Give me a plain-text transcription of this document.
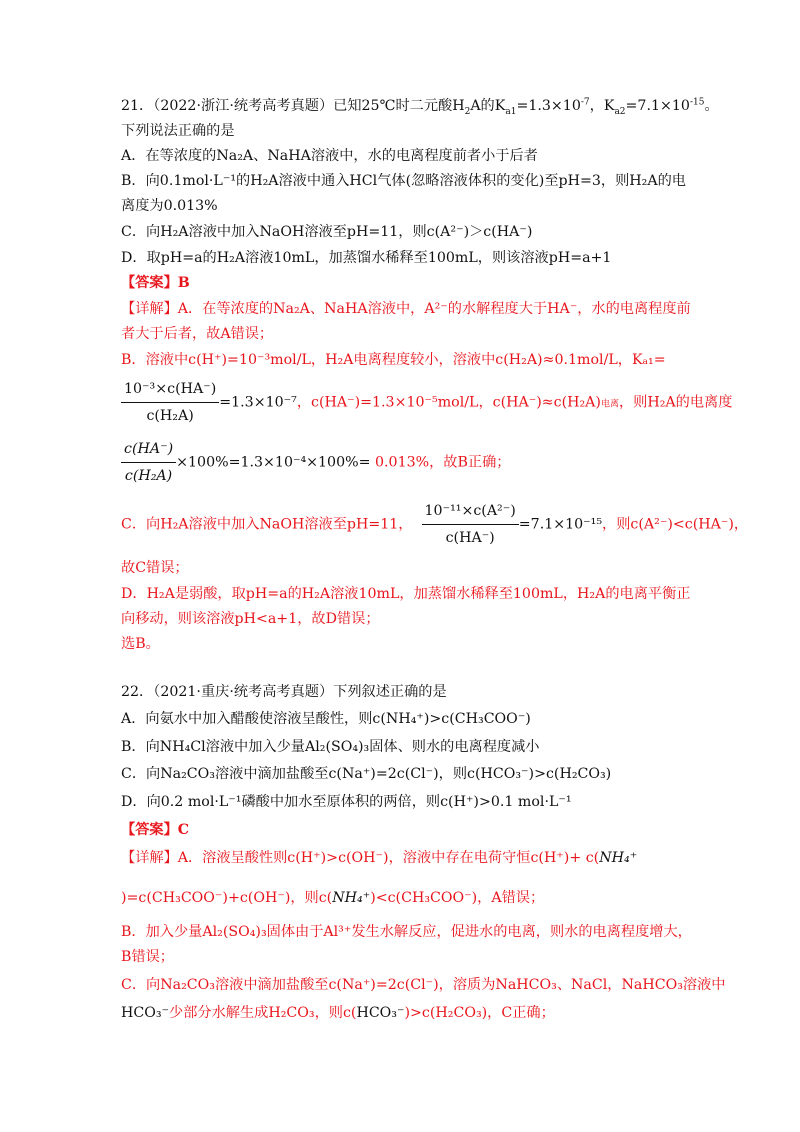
21．（2022·浙江·统考高考真题）已知25℃时二元酸$H_2A$的$K_{a1}=1.3\times 10^{-7}$，$K_{a2}=7.1\times 10^{-15}$。
下列说法正确的是
A．在等浓度的Na₂A、NaHA溶液中，水的电离程度前者小于后者
B．向0.1mol·L⁻¹的H₂A溶液中通入HCl气体(忽略溶液体积的变化)至pH=3，则H₂A的电
离度为0.013%
C．向H₂A溶液中加入NaOH溶液至pH=11，则c(A²⁻)＞c(HA⁻)
D．取pH=a的H₂A溶液10mL，加蒸馏水稀释至100mL，则该溶液pH=a+1
【答案】B
【详解】A．在等浓度的Na₂A、NaHA溶液中，A²⁻的水解程度大于HA⁻，水的电离程度前
者大于后者，故A错误；
B．溶液中c(H⁺)=10⁻³mol/L，H₂A电离程度较小，溶液中c(H₂A)≈0.1mol/L，Kₐ₁=
$\frac{\text{10⁻³×c(HA⁻)}}{\text{c(H₂A)}} =1.3\times 10^{-7}$，c(HA⁻)=1.3×10⁻⁵mol/L，c(HA⁻)≈c(H₂A)电离，则H₂A的电离度
$\frac{c(HA^-)}{\text{c(H₂A)}} \times 100\%=1.3\times 10^{-4}\times 100\%= 0.013\%$，故B正确；
C．向H₂A溶液中加入NaOH溶液至pH=11， $\frac{\text{10⁻¹¹×c(A²⁻)}}{c(HA^-)} =7.1\times 10^{-15}$，则c(A²⁻)<c(HA⁻)，
故C错误；
D．H₂A是弱酸，取pH=a的H₂A溶液10mL，加蒸馏水稀释至100mL，H₂A的电离平衡正
向移动，则该溶液pH<a+1，故D错误；
选B。
22．（2021·重庆·统考高考真题）下列叙述正确的是
A．向氨水中加入醋酸使溶液呈酸性，则c(NH₄⁺)>c(CH₃COO⁻)
B．向NH₄Cl溶液中加入少量Al₂(SO₄)₃固体、则水的电离程度减小
C．向Na₂CO₃溶液中滴加盐酸至c(Na⁺)=2c(Cl⁻)，则c(HCO₃⁻)>c(H₂CO₃)
D．向0.2 mol·L⁻¹磷酸中加水至原体积的两倍，则c(H⁺)>0.1 mol·L⁻¹
【答案】C
【详解】A．溶液呈酸性则c(H⁺)>c(OH⁻)，溶液中存在电荷守恒c(H⁺)+ c(NH₄⁺
)=c(CH₃COO⁻)+c(OH⁻)，则c(NH₄⁺)<c(CH₃COO⁻)，A错误；
B．加入少量Al₂(SO₄)₃固体由于Al³⁺发生水解反应，促进水的电离，则水的电离程度增大，
B错误；
C．向Na₂CO₃溶液中滴加盐酸至c(Na⁺)=2c(Cl⁻)，溶质为NaHCO₃、NaCl，NaHCO₃溶液中
HCO₃⁻少部分水解生成H₂CO₃，则c(HCO₃⁻)>c(H₂CO₃)，C正确；
